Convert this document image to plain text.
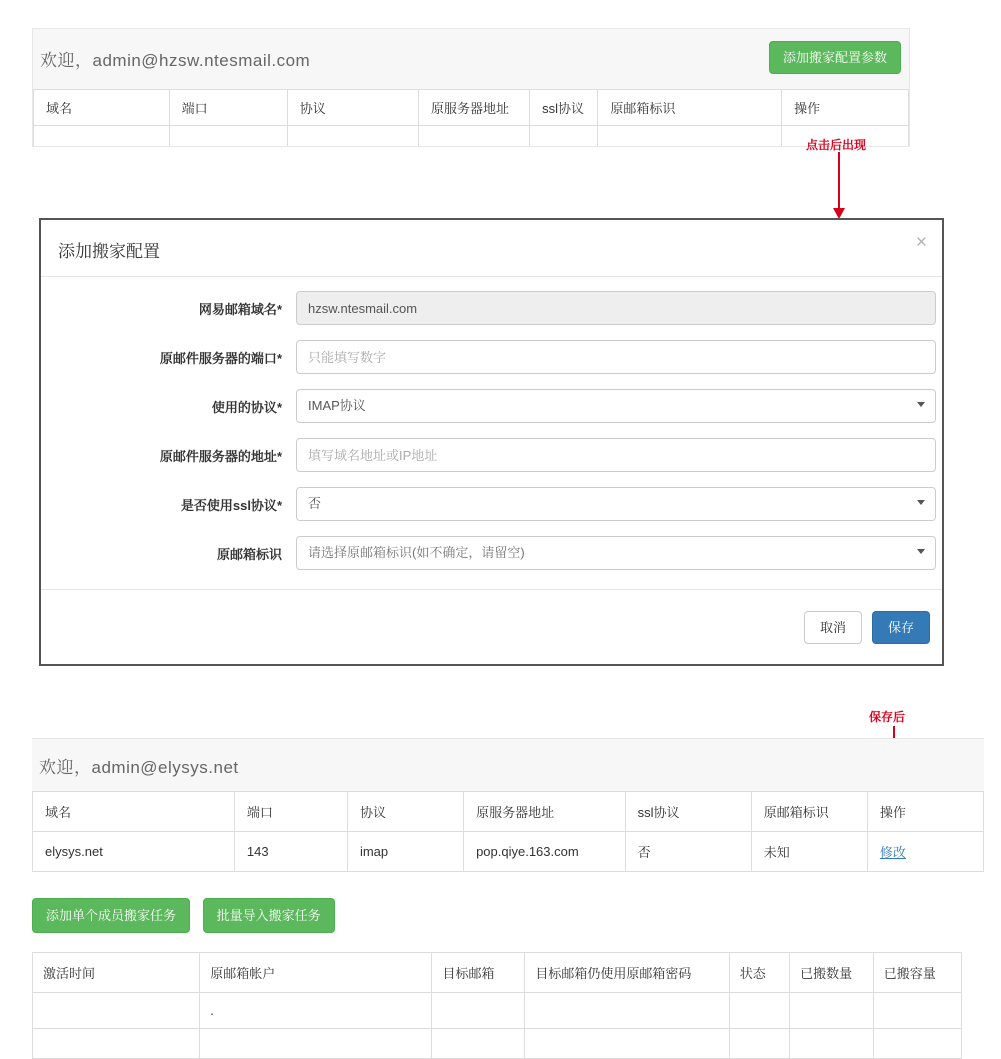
欢迎，admin@hzsw.ntesmail.com	添加搬家配置参数
域名	端口	协议	原服务器地址	ssl协议	原邮箱标识	操作

点击后出现
添加搬家配置	×
网易邮箱域名*
hzsw.ntesmail.com
原邮件服务器的端口*
只能填写数字
使用的协议*	IMAP协议
原邮件服务器的地址*
填写域名地址或IP地址
是否使用ssl协议*	否
原邮箱标识	请选择原邮箱标识(如不确定，请留空)
取消	保存
保存后
欢迎，admin@elysys.net
域名	端口	协议	原服务器地址	ssl协议	原邮箱标识	操作
elysys.net	143	imap	pop.qiye.163.com	否	未知	修改
添加单个成员搬家任务	批量导入搬家任务
激活时间	原邮箱帐户	目标邮箱	目标邮箱仍使用原邮箱密码	状态	已搬数量	已搬容量
	.					
